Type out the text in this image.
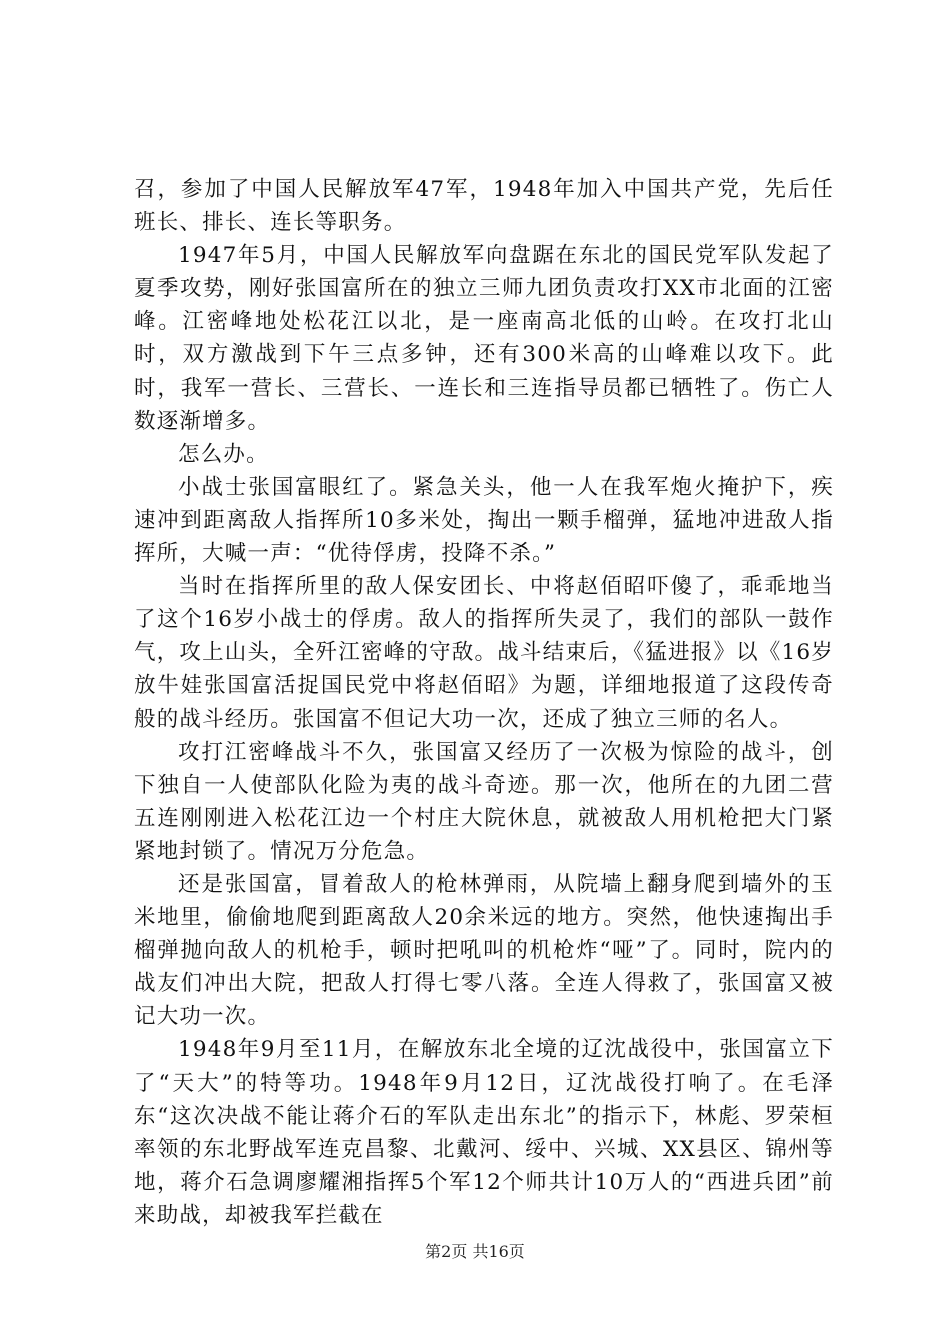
召，参加了中国人民解放军47军，1948年加入中国共产党，先后任班长、排长、连长等职务。

1947年5月，中国人民解放军向盘踞在东北的国民党军队发起了夏季攻势，刚好张国富所在的独立三师九团负责攻打XX市北面的江密峰。江密峰地处松花江以北，是一座南高北低的山岭。在攻打北山时，双方激战到下午三点多钟，还有300米高的山峰难以攻下。此时，我军一营长、三营长、一连长和三连指导员都已牺牲了。伤亡人数逐渐增多。

怎么办。

小战士张国富眼红了。紧急关头，他一人在我军炮火掩护下，疾速冲到距离敌人指挥所10多米处，掏出一颗手榴弹，猛地冲进敌人指挥所，大喊一声：“优待俘虏，投降不杀。”

当时在指挥所里的敌人保安团长、中将赵佰昭吓傻了，乖乖地当了这个16岁小战士的俘虏。敌人的指挥所失灵了，我们的部队一鼓作气，攻上山头，全歼江密峰的守敌。战斗结束后，《猛进报》以《16岁放牛娃张国富活捉国民党中将赵佰昭》为题，详细地报道了这段传奇般的战斗经历。张国富不但记大功一次，还成了独立三师的名人。

攻打江密峰战斗不久，张国富又经历了一次极为惊险的战斗，创下独自一人使部队化险为夷的战斗奇迹。那一次，他所在的九团二营五连刚刚进入松花江边一个村庄大院休息，就被敌人用机枪把大门紧紧地封锁了。情况万分危急。

还是张国富，冒着敌人的枪林弹雨，从院墙上翻身爬到墙外的玉米地里，偷偷地爬到距离敌人20余米远的地方。突然，他快速掏出手榴弹抛向敌人的机枪手，顿时把吼叫的机枪炸“哑”了。同时，院内的战友们冲出大院，把敌人打得七零八落。全连人得救了，张国富又被记大功一次。

1948年9月至11月，在解放东北全境的辽沈战役中，张国富立下了“天大”的特等功。1948年9月12日，辽沈战役打响了。在毛泽东“这次决战不能让蒋介石的军队走出东北”的指示下，林彪、罗荣桓率领的东北野战军连克昌黎、北戴河、绥中、兴城、XX县区、锦州等地，蒋介石急调廖耀湘指挥5个军12个师共计10万人的“西进兵团”前来助战，却被我军拦截在

第2页 共16页
